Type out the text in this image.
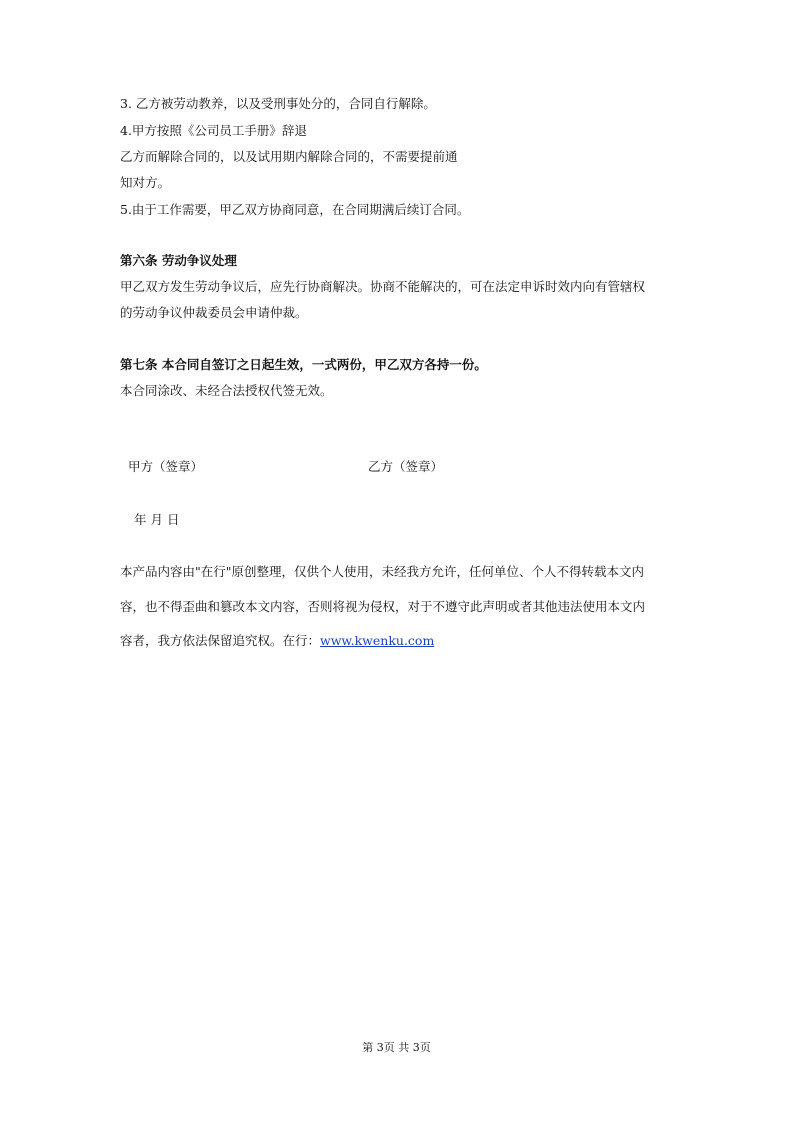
3. 乙方被劳动教养，以及受刑事处分的，合同自行解除。
4.甲方按照《公司员工手册》辞退
乙方而解除合同的，以及试用期内解除合同的，不需要提前通
知对方。
5.由于工作需要，甲乙双方协商同意，在合同期满后续订合同。
第六条 劳动争议处理
甲乙双方发生劳动争议后，应先行协商解决。协商不能解决的，可在法定申诉时效内向有管辖权
的劳动争议仲裁委员会申请仲裁。
第七条 本合同自签订之日起生效，一式两份，甲乙双方各持一份。
本合同涂改、未经合法授权代签无效。
甲方（签章）	乙方（签章）
年 月 日
本产品内容由"在行"原创整理，仅供个人使用，未经我方允许，任何单位、个人不得转载本文内
容，也不得歪曲和篡改本文内容，否则将视为侵权，对于不遵守此声明或者其他违法使用本文内
容者，我方依法保留追究权。在行：www.kwenku.com
第 3页 共 3页
